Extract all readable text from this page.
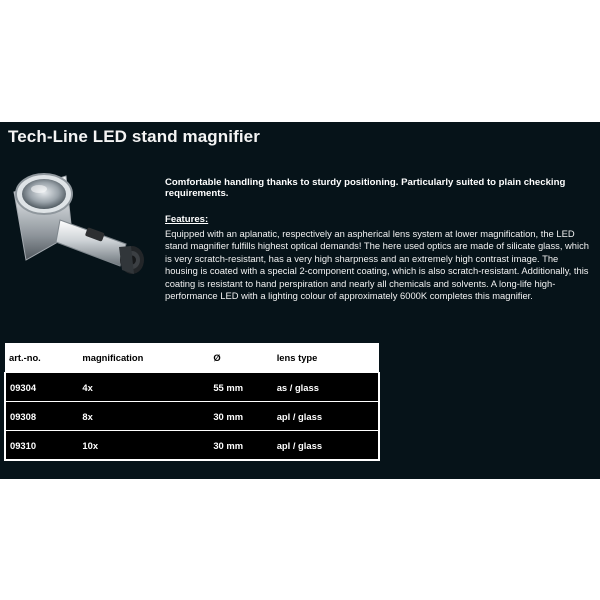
Tech-Line LED stand magnifier
Comfortable handling thanks to sturdy positioning. Particularly suited to plain checking requirements.
Features:
Equipped with an aplanatic, respectively an aspherical lens system at lower magnification, the LED stand magnifier fulfills highest optical demands! The here used optics are made of silicate glass, which is very scratch-resistant, has a very high sharpness and an extremely high contrast image. The housing is coated with a special 2-component coating, which is also scratch-resistant. Additionally, this coating is resistant to hand perspiration and nearly all chemicals and solvents. A long-life high-performance LED with a lighting colour of approximately 6000K completes this magnifier.
art.-no.	magnification	Ø	lens type
09304	4x	55 mm	as / glass
09308	8x	30 mm	apl / glass
09310	10x	30 mm	apl / glass
